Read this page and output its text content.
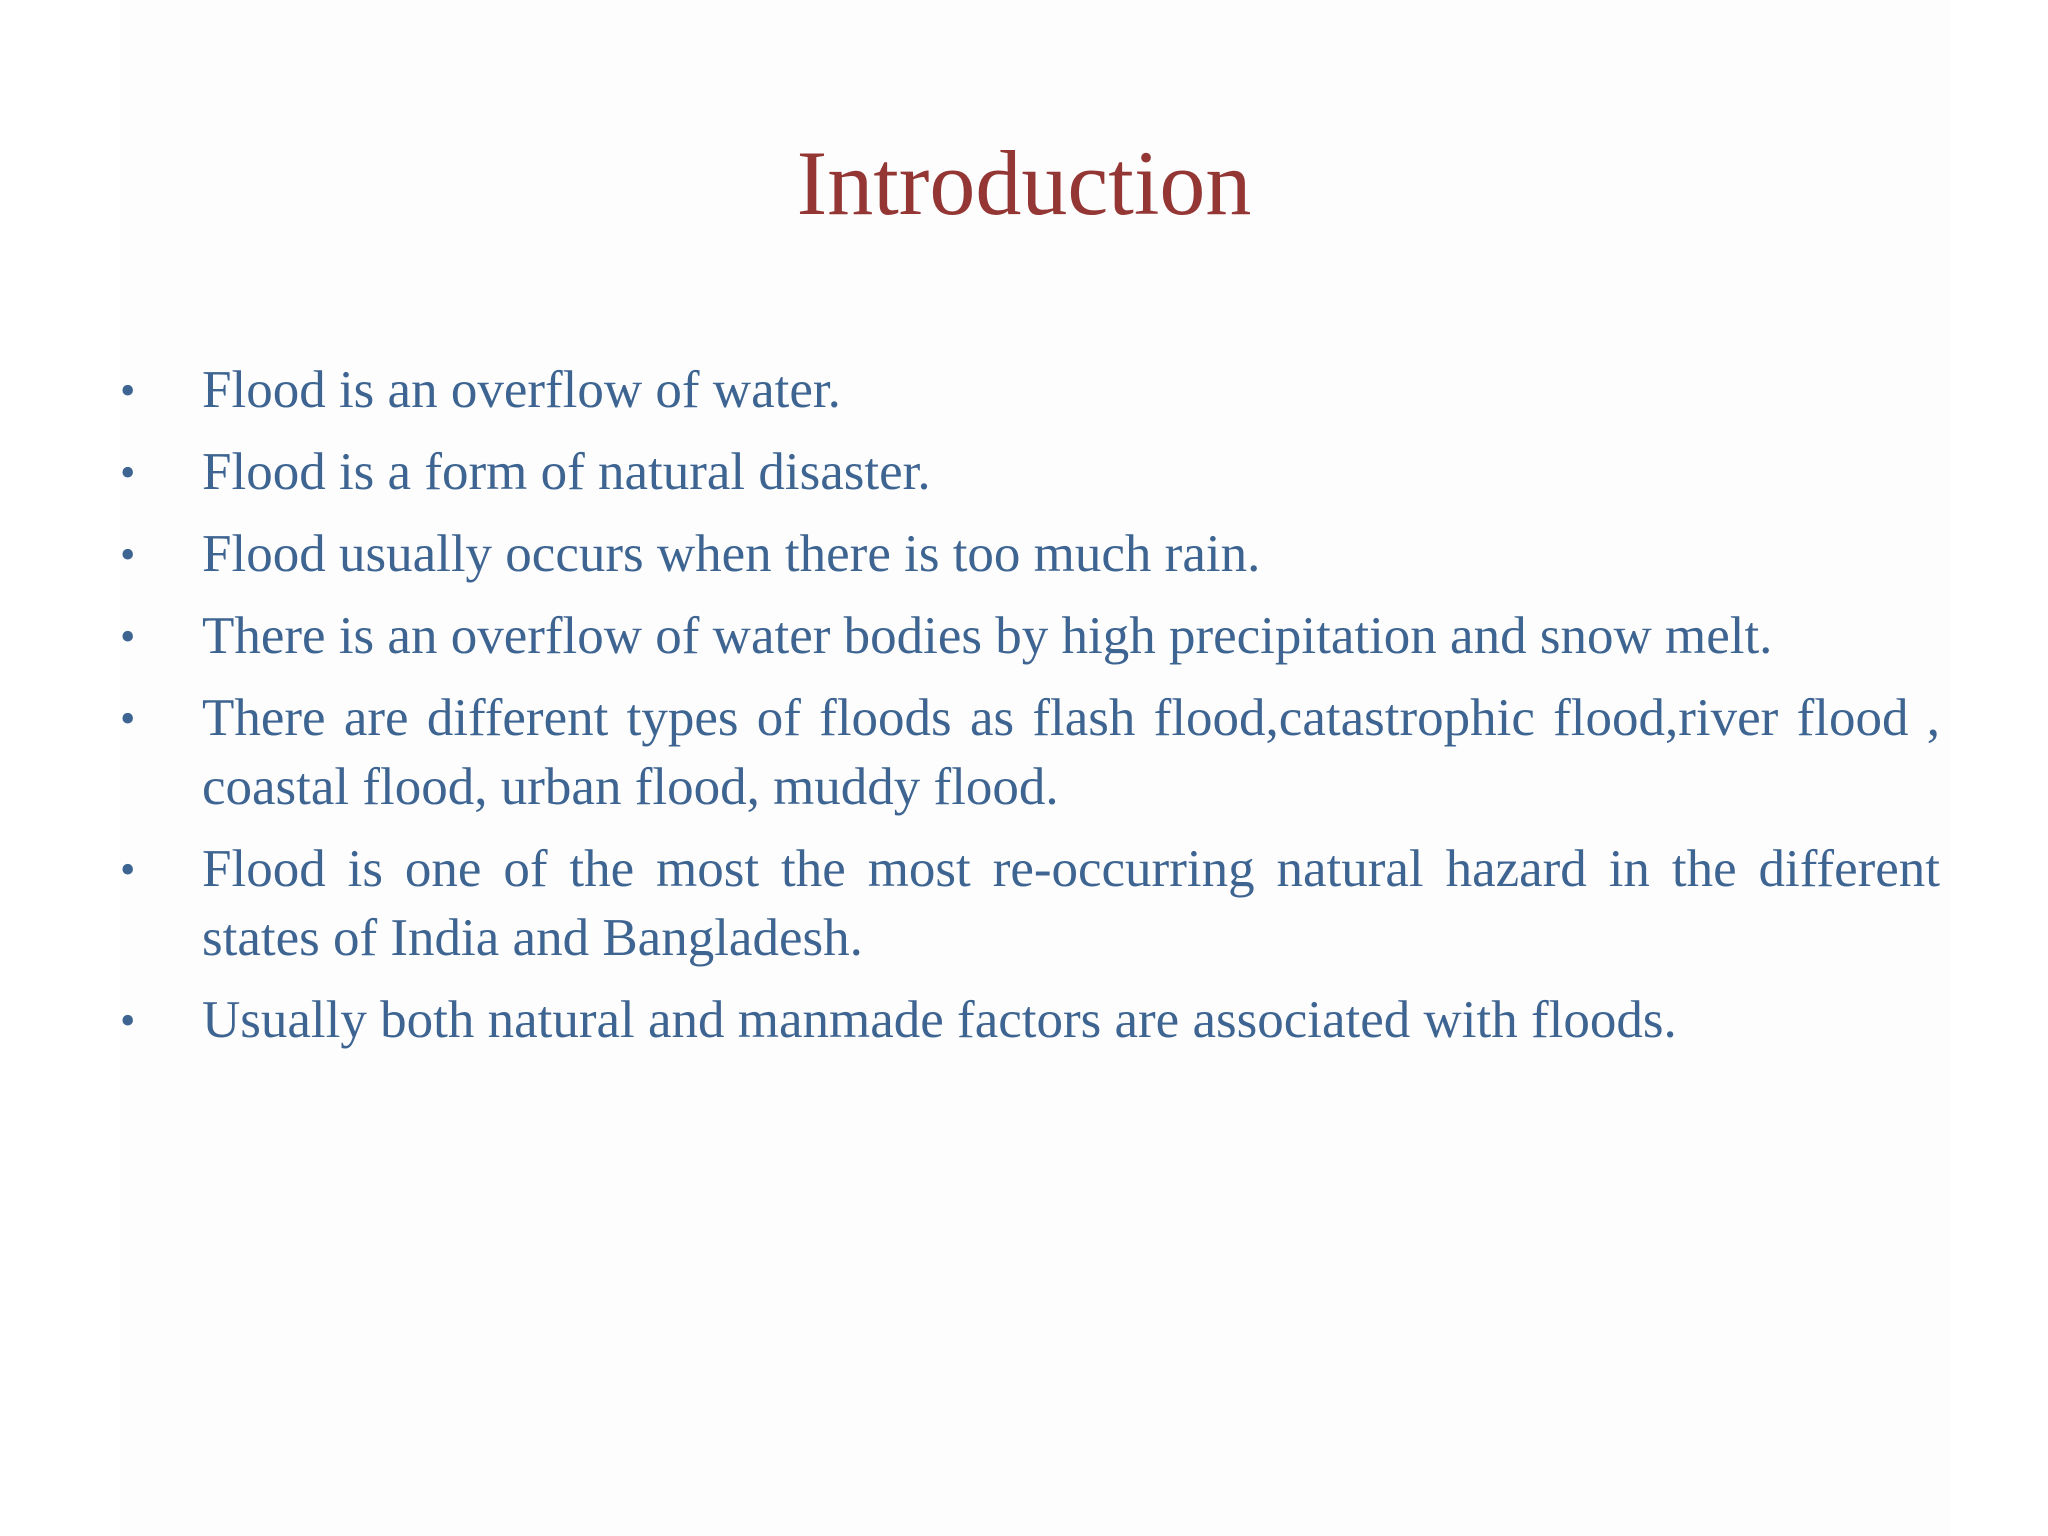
Introduction
•	Flood is an overflow of water.
•	Flood is a form of natural disaster.
•	Flood usually occurs when there is too much rain.
•	There is an overflow of water bodies by high precipitation and snow melt.
•	There are different types of floods as flash flood,catastrophic flood,river flood , coastal flood, urban flood, muddy flood.
•	Flood is one of the most the most re-occurring natural hazard in the different states of India and Bangladesh.
•	Usually both natural and manmade factors are associated with floods.
